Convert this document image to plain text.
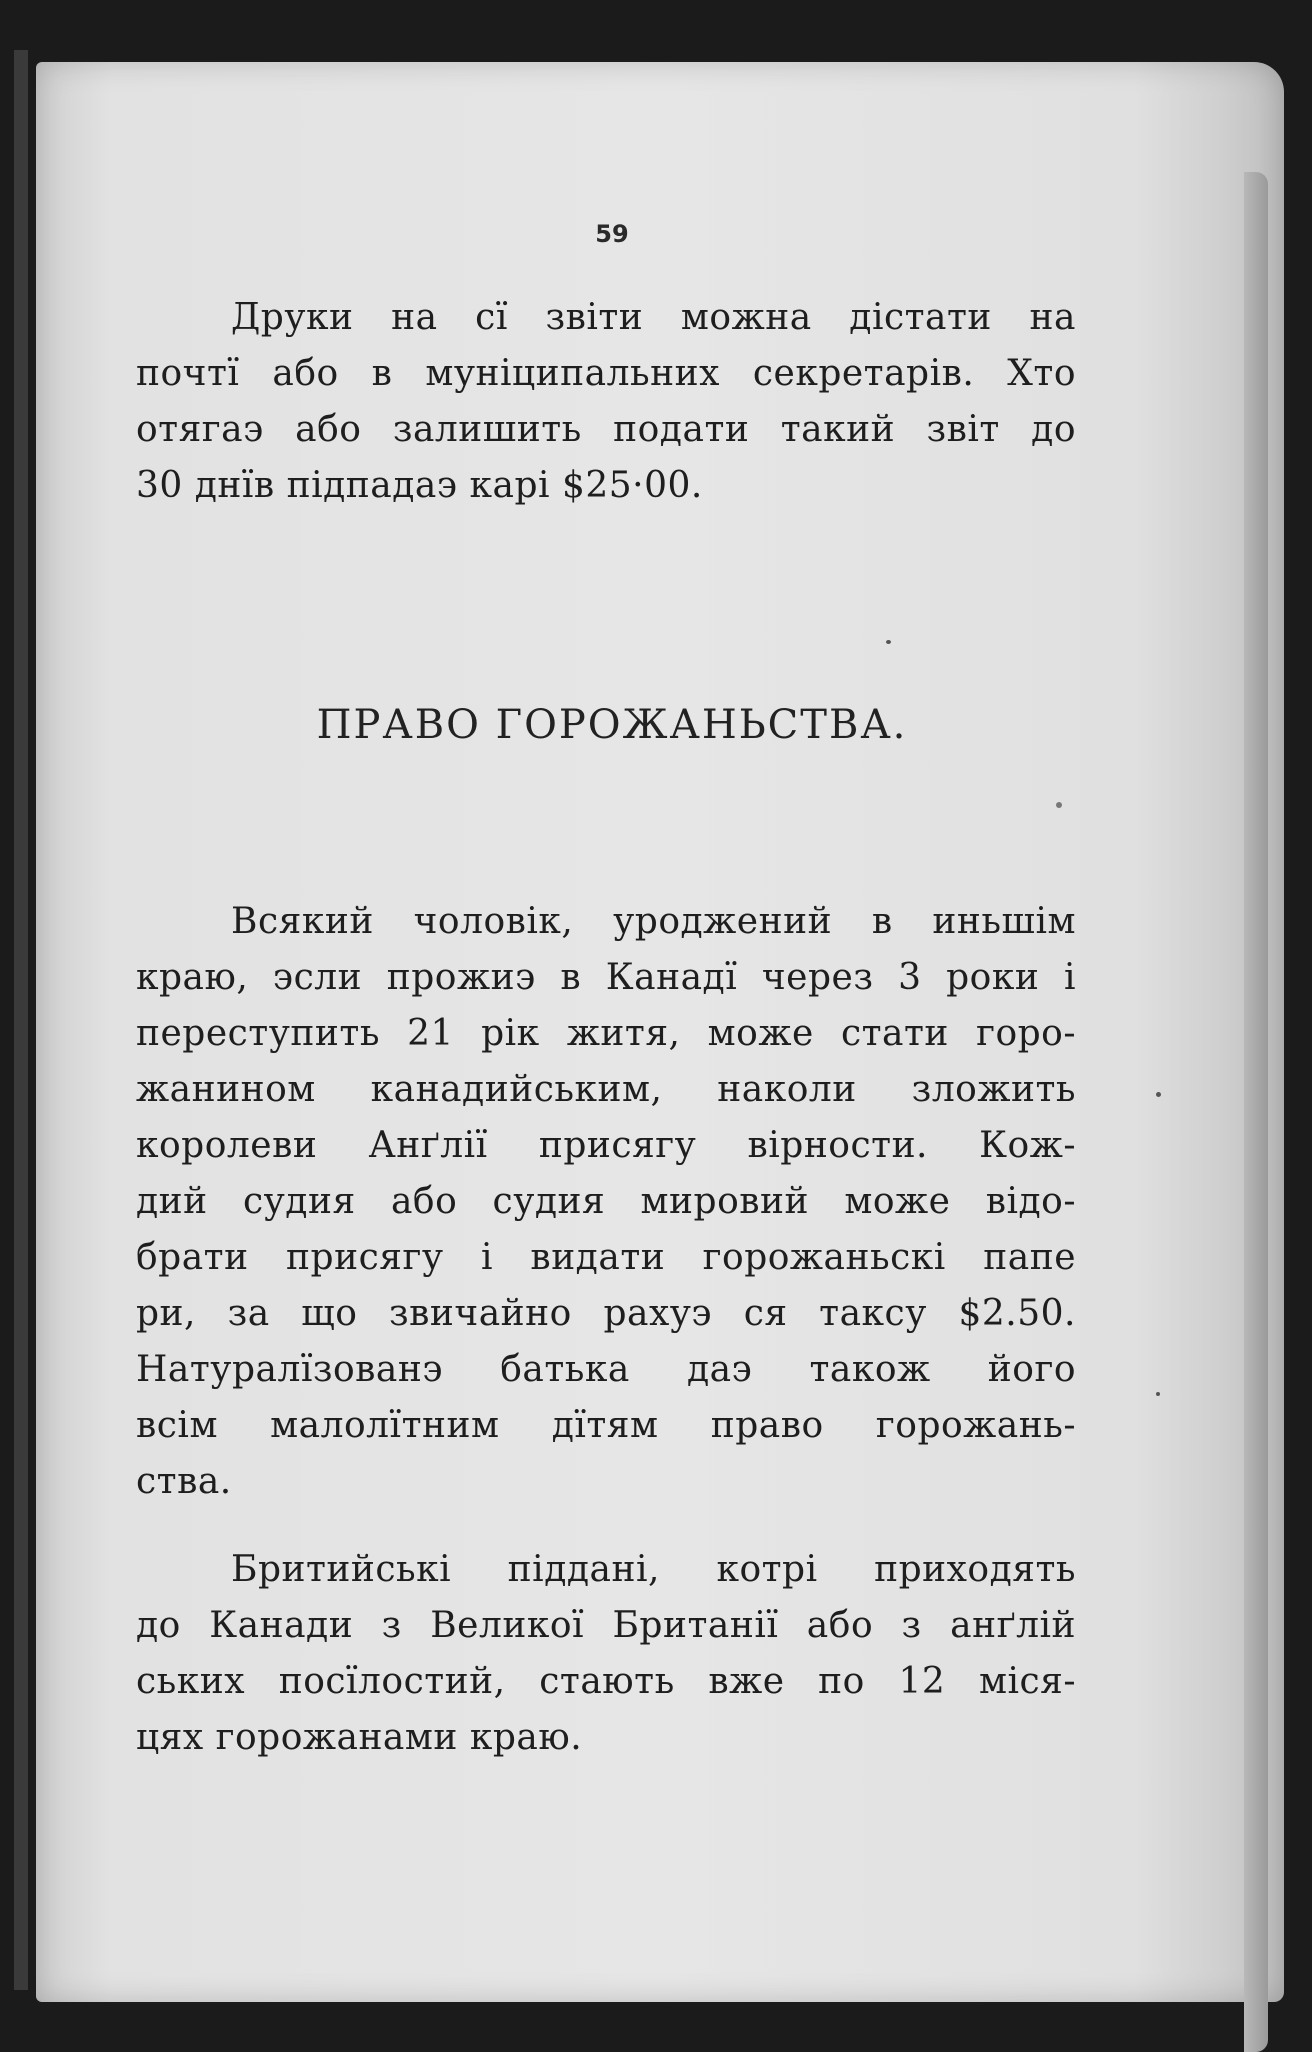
59
Друки на сї звіти можна дістати на
почтї або в муніципальних секретарів. Хто
отягаэ або залишить подати такий звіт до
30 днїв підпадаэ карі $25·00.
ПРАВО ГОРОЖАНЬСТВА.
Всякий чоловік, уроджений в иньшім
краю, эсли прожиэ в Канадї через 3 роки і
переступить 21 рік житя, може стати горо-
жанином канадийським, наколи зложить
королеви Анґлії присягу вірности. Кож-
дий судия або судия мировий може відо-
брати присягу і видати горожаньскі папе
ри, за що звичайно рахуэ ся таксу $2.50.
Натуралїзованэ батька даэ також його
всім малолїтним дїтям право горожань-
ства.
Бритийські піддані, котрі приходять
до Канади з Великої Британії або з анґлій
ських посїлостий, стають вже по 12 міся-
цях горожанами краю.
